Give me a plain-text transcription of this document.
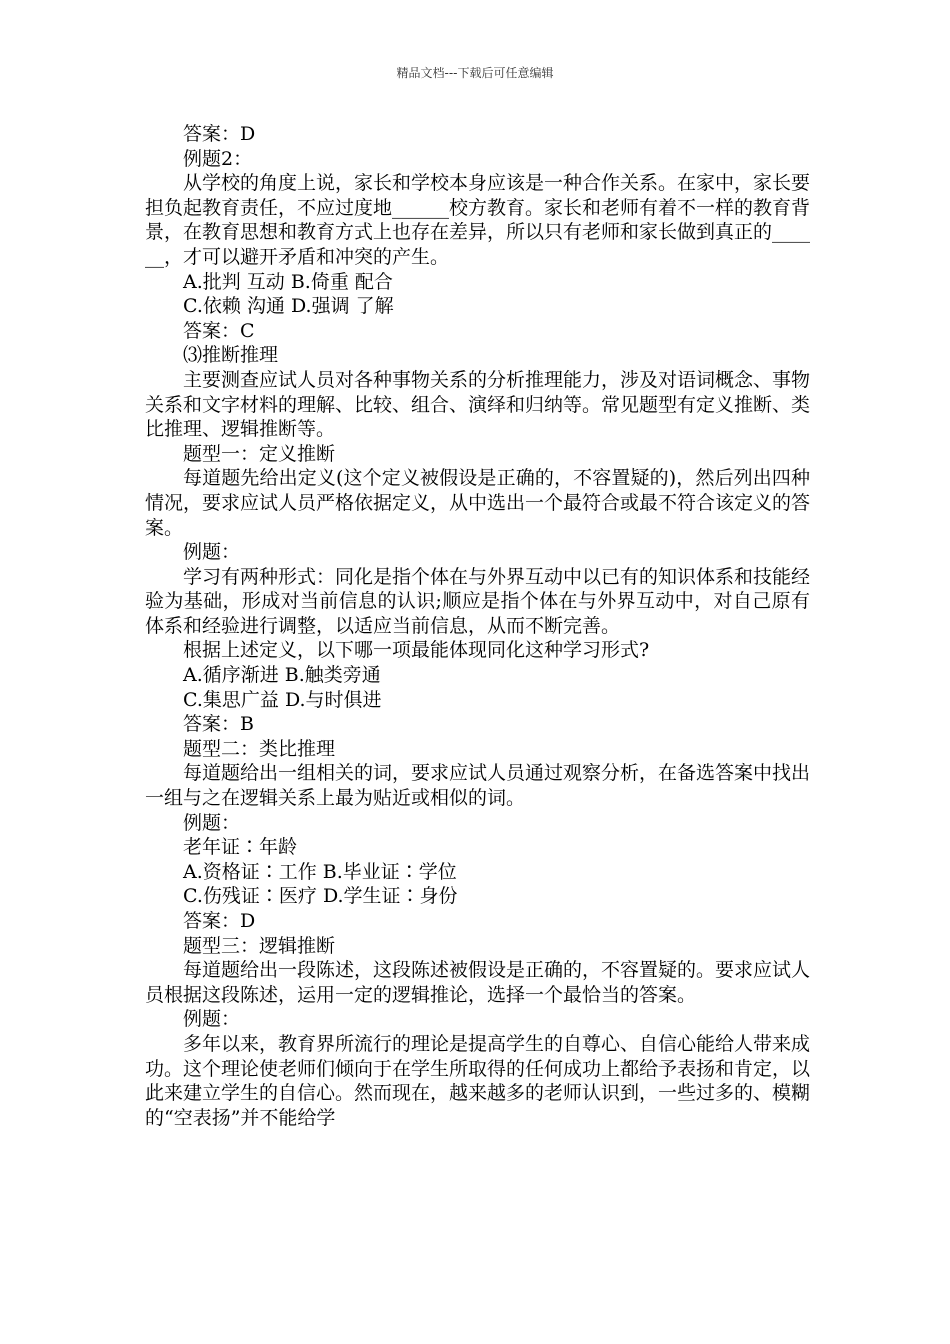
精品文档---下载后可任意编辑

答案：D

例题2：

从学校的角度上说，家长和学校本身应该是一种合作关系。在家中，家长要担负起教育责任，不应过度地______校方教育。家长和老师有着不一样的教育背景，在教育思想和教育方式上也存在差异，所以只有老师和家长做到真正的______，才可以避开矛盾和冲突的产生。

A.批判 互动 B.倚重 配合

C.依赖 沟通 D.强调 了解

答案：C

⑶推断推理

主要测查应试人员对各种事物关系的分析推理能力，涉及对语词概念、事物关系和文字材料的理解、比较、组合、演绎和归纳等。常见题型有定义推断、类比推理、逻辑推断等。

题型一：定义推断

每道题先给出定义(这个定义被假设是正确的，不容置疑的)，然后列出四种情况，要求应试人员严格依据定义，从中选出一个最符合或最不符合该定义的答案。

例题：

学习有两种形式：同化是指个体在与外界互动中以已有的知识体系和技能经验为基础，形成对当前信息的认识;顺应是指个体在与外界互动中，对自己原有体系和经验进行调整，以适应当前信息，从而不断完善。

根据上述定义，以下哪一项最能体现同化这种学习形式?

A.循序渐进 B.触类旁通

C.集思广益 D.与时俱进

答案：B

题型二：类比推理

每道题给出一组相关的词，要求应试人员通过观察分析，在备选答案中找出一组与之在逻辑关系上最为贴近或相似的词。

例题：

老年证∶年龄

A.资格证∶工作 B.毕业证∶学位

C.伤残证∶医疗 D.学生证∶身份

答案：D

题型三：逻辑推断

每道题给出一段陈述，这段陈述被假设是正确的，不容置疑的。要求应试人员根据这段陈述，运用一定的逻辑推论，选择一个最恰当的答案。

例题：

多年以来，教育界所流行的理论是提高学生的自尊心、自信心能给人带来成功。这个理论使老师们倾向于在学生所取得的任何成功上都给予表扬和肯定，以此来建立学生的自信心。然而现在，越来越多的老师认识到，一些过多的、模糊的“空表扬”并不能给学
